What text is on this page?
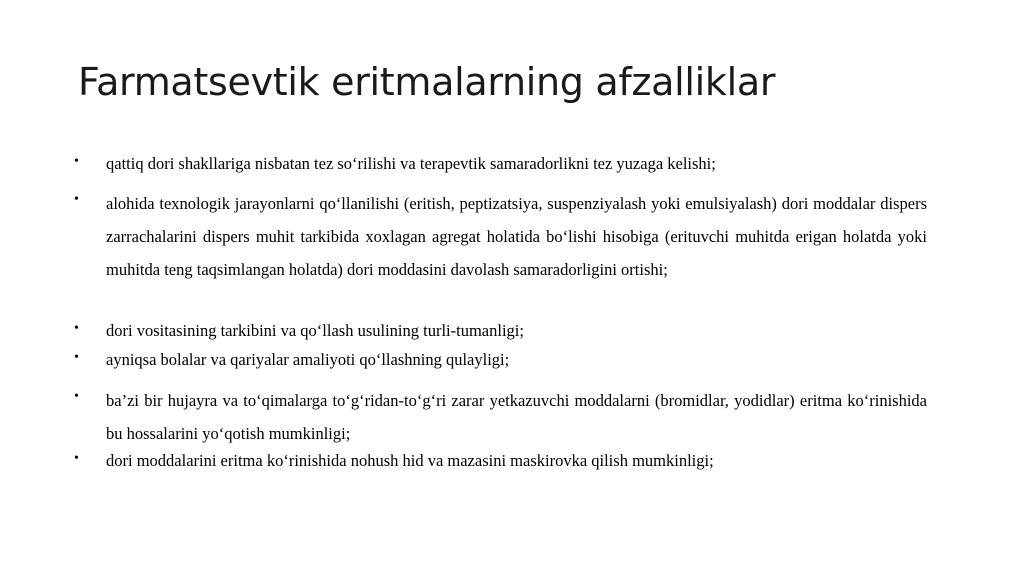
Farmatsevtik eritmalarning afzalliklar
• qattiq dori shakllariga nisbatan tez so‘rilishi va terapevtik samaradorlikni tez yuzaga kelishi;
• alohida texnologik jarayonlarni qo‘llanilishi (eritish, peptizatsiya, suspenziyalash yoki emulsiyalash) dori moddalar dispers zarrachalarini dispers muhit tarkibida xoxlagan agregat holatida bo‘lishi hisobiga (erituvchi muhitda erigan holatda yoki muhitda teng taqsimlangan holatda) dori moddasini davolash samaradorligini ortishi;
• dori vositasining tarkibini va qo‘llash usulining turli-tumanligi;
• ayniqsa bolalar va qariyalar amaliyoti qo‘llashning qulayligi;
• ba’zi bir hujayra va to‘qimalarga to‘g‘ridan-to‘g‘ri zarar yetkazuvchi moddalarni (bromidlar, yodidlar) eritma ko‘rinishida bu hossalarini yo‘qotish mumkinligi;
• dori moddalarini eritma ko‘rinishida nohush hid va mazasini maskirovka qilish mumkinligi;
